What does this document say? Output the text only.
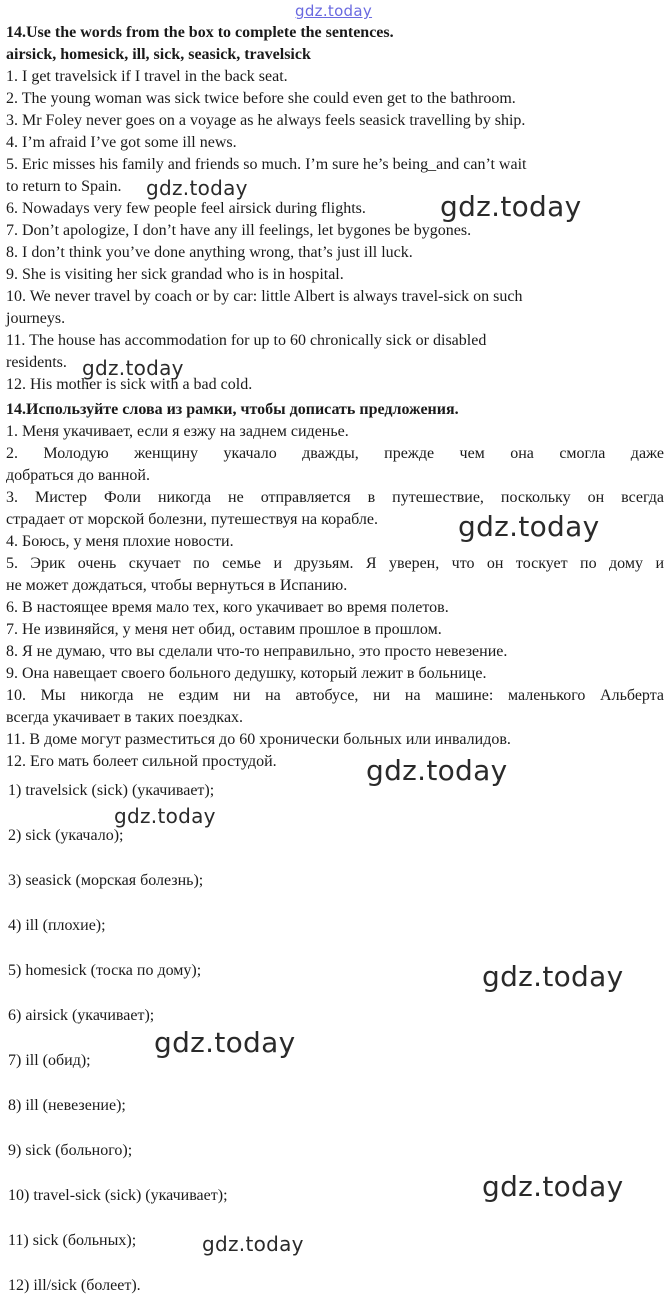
14.Use the words from the box to complete the sentences.
airsick, homesick, ill, sick, seasick, travelsick
1. I get travelsick if I travel in the back seat.
2. The young woman was sick twice before she could even get to the bathroom.
3. Mr Foley never goes on a voyage as he always feels seasick travelling by ship.
4. I’m afraid I’ve got some ill news.
5. Eric misses his family and friends so much. I’m sure he’s being_and can’t wait
to return to Spain.
6. Nowadays very few people feel airsick during flights.
7. Don’t apologize, I don’t have any ill feelings, let bygones be bygones.
8. I don’t think you’ve done anything wrong, that’s just ill luck.
9. She is visiting her sick grandad who is in hospital.
10. We never travel by coach or by car: little Albert is always travel-sick on such
journeys.
11. The house has accommodation for up to 60 chronically sick or disabled
residents.
12. His mother is sick with a bad cold.
14.Используйте слова из рамки, чтобы дописать предложения.
1. Меня укачивает, если я езжу на заднем сиденье.
2. Молодую женщину укачало дважды, прежде чем она смогла даже
добраться до ванной.
3. Мистер Фоли никогда не отправляется в путешествие, поскольку он всегда
страдает от морской болезни, путешествуя на корабле.
4. Боюсь, у меня плохие новости.
5. Эрик очень скучает по семье и друзьям. Я уверен, что он тоскует по дому и
не может дождаться, чтобы вернуться в Испанию.
6. В настоящее время мало тех, кого укачивает во время полетов.
7. Не извиняйся, у меня нет обид, оставим прошлое в прошлом.
8. Я не думаю, что вы сделали что-то неправильно, это просто невезение.
9. Она навещает своего больного дедушку, который лежит в больнице.
10. Мы никогда не ездим ни на автобусе, ни на машине: маленького Альберта
всегда укачивает в таких поездках.
11. В доме могут разместиться до 60 хронически больных или инвалидов.
12. Его мать болеет сильной простудой.
1) travelsick (sick) (укачивает);
2) sick (укачало);
3) seasick (морская болезнь);
4) ill (плохие);
5) homesick (тоска по дому);
6) airsick (укачивает);
7) ill (обид);
8) ill (невезение);
9) sick (больного);
10) travel-sick (sick) (укачивает);
11) sick (больных);
12) ill/sick (болеет).
gdz.today
gdz.today
gdz.today
gdz.today
gdz.today
gdz.today
gdz.today
gdz.today
gdz.today
gdz.today
gdz.today
